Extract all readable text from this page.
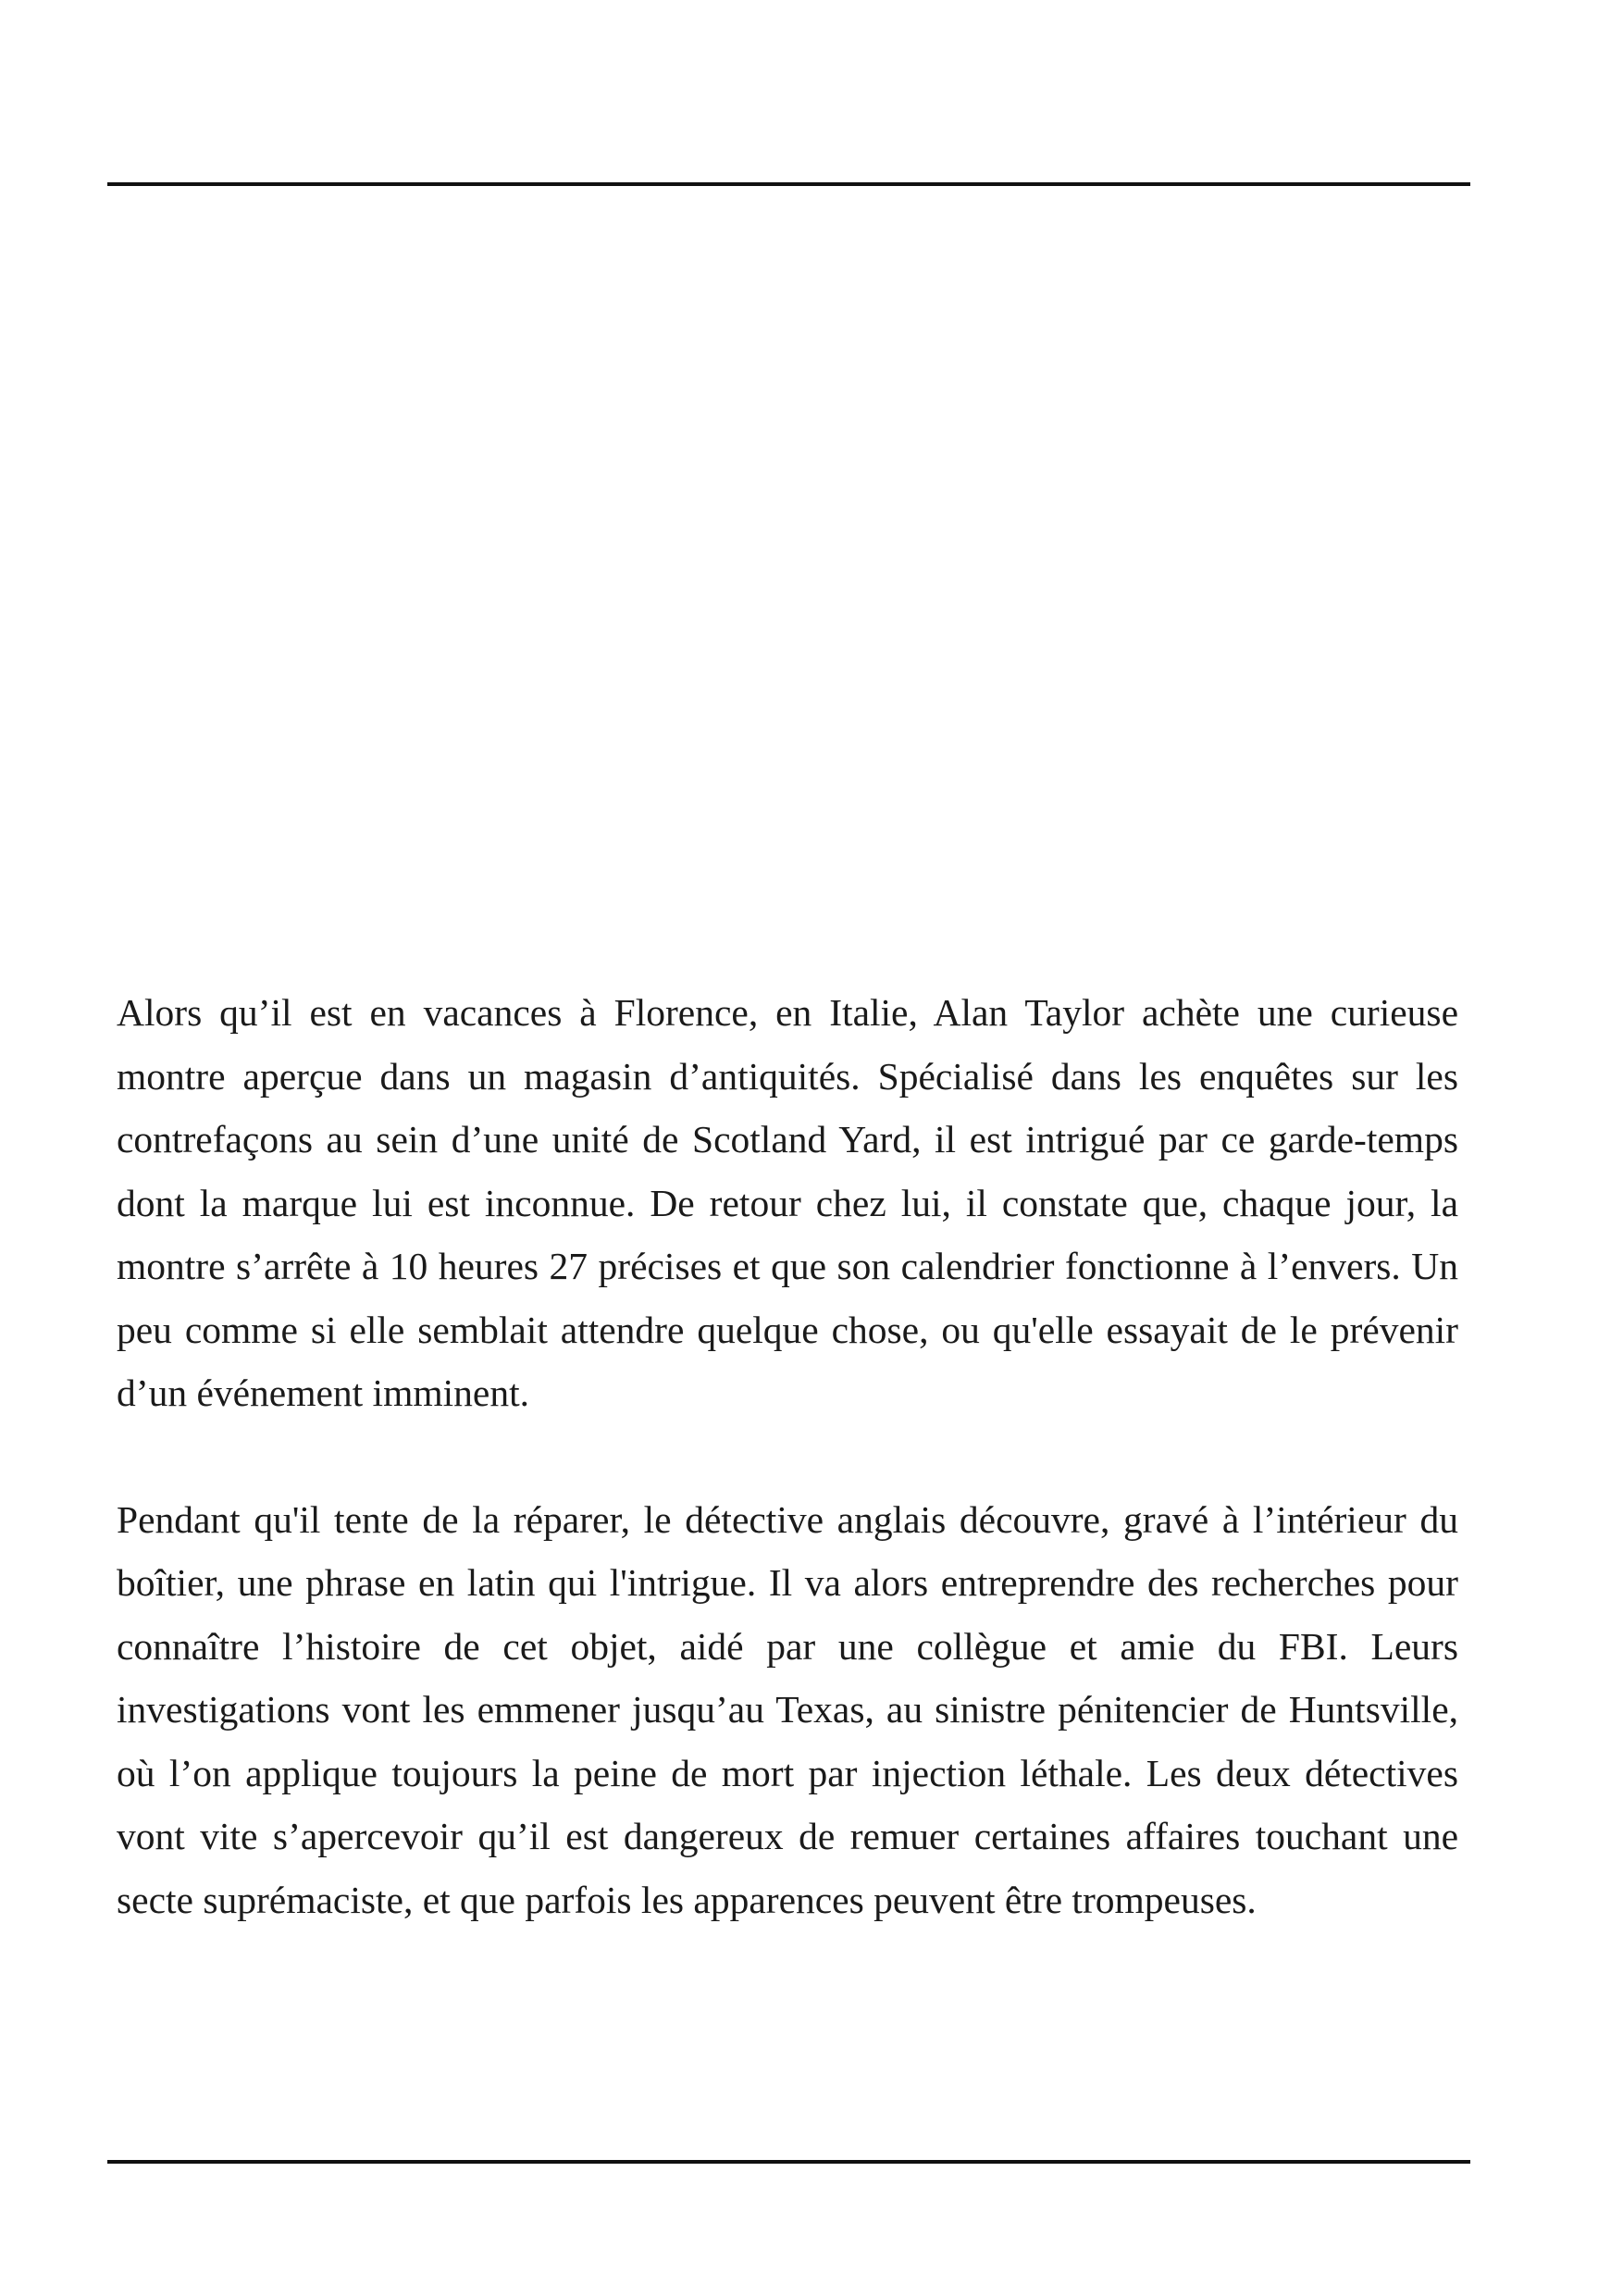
Alors qu’il est en vacances à Florence, en Italie, Alan Taylor achète une curieuse montre aperçue dans un magasin d’antiquités. Spécialisé dans les enquêtes sur les contrefaçons au sein d’une unité de Scotland Yard, il est intrigué par ce garde-temps dont la marque lui est inconnue. De retour chez lui, il constate que, chaque jour, la montre s’arrête à 10 heures 27 précises et que son calendrier fonctionne à l’envers. Un peu comme si elle semblait attendre quelque chose, ou qu'elle essayait de le prévenir d’un événement imminent.

Pendant qu'il tente de la réparer, le détective anglais découvre, gravé à l’intérieur du boîtier, une phrase en latin qui l'intrigue. Il va alors entreprendre des recherches pour connaître l’histoire de cet objet, aidé par une collègue et amie du FBI. Leurs investigations vont les emmener jusqu’au Texas, au sinistre pénitencier de Huntsville, où l’on applique toujours la peine de mort par injection léthale. Les deux détectives vont vite s’apercevoir qu’il est dangereux de remuer certaines affaires touchant une secte suprémaciste, et que parfois les apparences peuvent être trompeuses.
